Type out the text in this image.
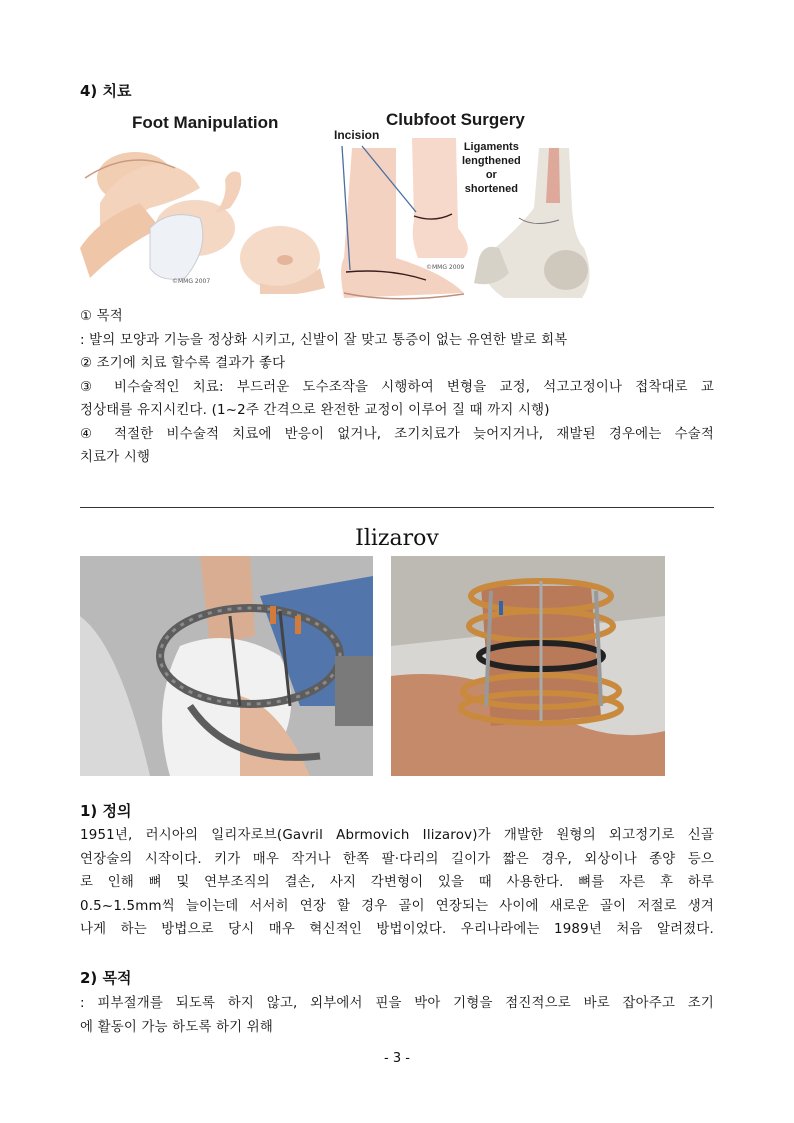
4) 치료
Foot Manipulation
©MMG 2007
Clubfoot Surgery
Incision
Ligaments
lengthened
or
shortened
©MMG 2009
① 목적
: 발의 모양과 기능을 정상화 시키고, 신발이 잘 맞고 통증이 없는 유연한 발로 회복
② 조기에 치료 할수록 결과가 좋다
③ 비수술적인 치료: 부드러운 도수조작을 시행하여 변형을 교정, 석고고정이나 접착대로 교
정상태를 유지시킨다. (1~2주 간격으로 완전한 교정이 이루어 질 때 까지 시행)
④ 적절한 비수술적 치료에 반응이 없거나, 조기치료가 늦어지거나, 재발된 경우에는 수술적
치료가 시행
Ilizarov
1) 정의
1951년, 러시아의 일리자로브(Gavril Abrmovich Ilizarov)가 개발한 원형의 외고정기로 신골
연장술의 시작이다. 키가 매우 작거나 한쪽 팔·다리의 길이가 짧은 경우, 외상이나 종양 등으
로 인해 뼈 및 연부조직의 결손, 사지 각변형이 있을 때 사용한다. 뼈를 자른 후 하루
0.5~1.5mm씩 늘이는데 서서히 연장 할 경우 골이 연장되는 사이에 새로운 골이 저절로 생겨
나게 하는 방법으로 당시 매우 혁신적인 방법이었다. 우리나라에는 1989년 처음 알려졌다.
2) 목적
: 피부절개를 되도록 하지 않고, 외부에서 핀을 박아 기형을 점진적으로 바로 잡아주고 조기
에 활동이 가능 하도록 하기 위해
- 3 -
